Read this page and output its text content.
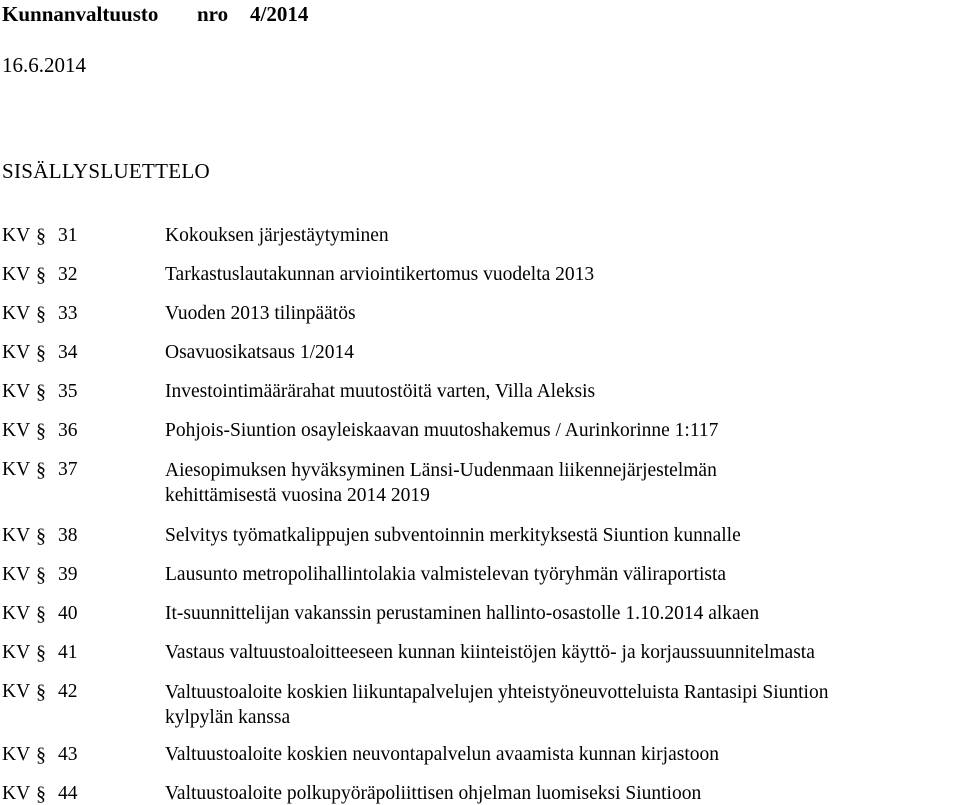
Kunnanvaltuusto nro 4/2014
16.6.2014
SISÄLLYSLUETTELO
KV § 31	Kokouksen järjestäytyminen
KV § 32	Tarkastuslautakunnan arviointikertomus vuodelta 2013
KV § 33	Vuoden 2013 tilinpäätös
KV § 34	Osavuosikatsaus 1/2014
KV § 35	Investointimäärärahat muutostöitä varten, Villa Aleksis
KV § 36	Pohjois-Siuntion osayleiskaavan muutoshakemus / Aurinkorinne 1:117
KV § 37	Aiesopimuksen hyväksyminen Länsi-Uudenmaan liikennejärjestelmän
kehittämisestä vuosina 2014 2019
KV § 38	Selvitys työmatkalippujen subventoinnin merkityksestä Siuntion kunnalle
KV § 39	Lausunto metropolihallintolakia valmistelevan työryhmän väliraportista
KV § 40	It-suunnittelijan vakanssin perustaminen hallinto-osastolle 1.10.2014 alkaen
KV § 41	Vastaus valtuustoaloitteeseen kunnan kiinteistöjen käyttö- ja korjaussuunnitelmasta
KV § 42	Valtuustoaloite koskien liikuntapalvelujen yhteistyöneuvotteluista Rantasipi Siuntion
kylpylän kanssa
KV § 43	Valtuustoaloite koskien neuvontapalvelun avaamista kunnan kirjastoon
KV § 44	Valtuustoaloite polkupyöräpoliittisen ohjelman luomiseksi Siuntioon
